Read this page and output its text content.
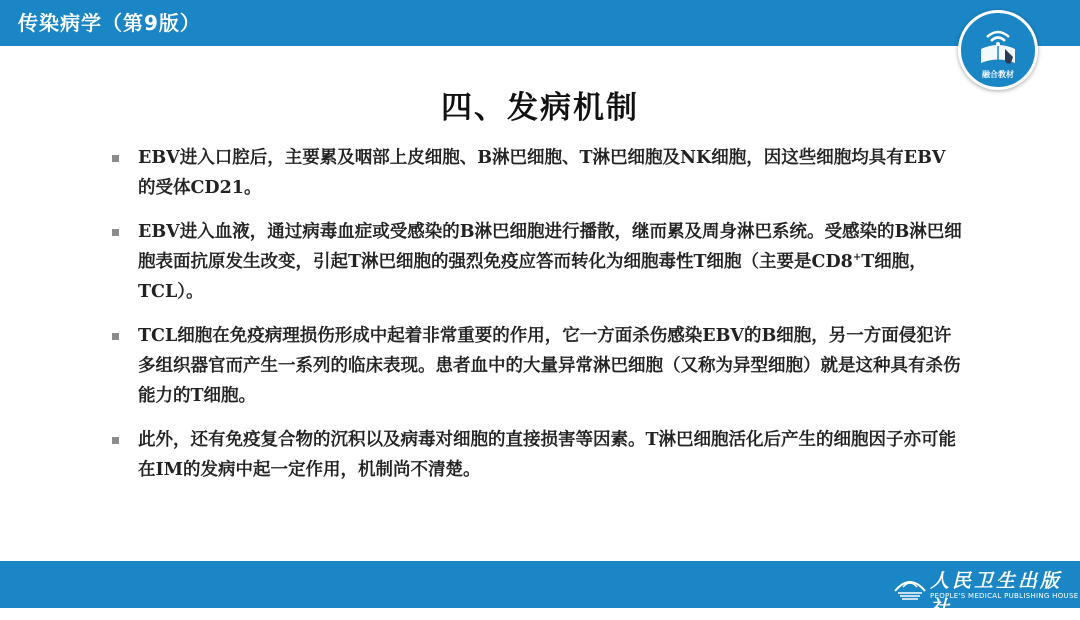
传染病学（第9版）
融合教材
四、发病机制
EBV进入口腔后，主要累及咽部上皮细胞、B淋巴细胞、T淋巴细胞及NK细胞，因这些细胞均具有EBV的受体CD21。
EBV进入血液，通过病毒血症或受感染的B淋巴细胞进行播散，继而累及周身淋巴系统。受感染的B淋巴细胞表面抗原发生改变，引起T淋巴细胞的强烈免疫应答而转化为细胞毒性T细胞（主要是CD8+T细胞，TCL）。
TCL细胞在免疫病理损伤形成中起着非常重要的作用，它一方面杀伤感染EBV的B细胞，另一方面侵犯许多组织器官而产生一系列的临床表现。患者血中的大量异常淋巴细胞（又称为异型细胞）就是这种具有杀伤能力的T细胞。
此外，还有免疫复合物的沉积以及病毒对细胞的直接损害等因素。T淋巴细胞活化后产生的细胞因子亦可能在IM的发病中起一定作用，机制尚不清楚。
人民卫生出版社
PEOPLE'S MEDICAL PUBLISHING HOUSE
